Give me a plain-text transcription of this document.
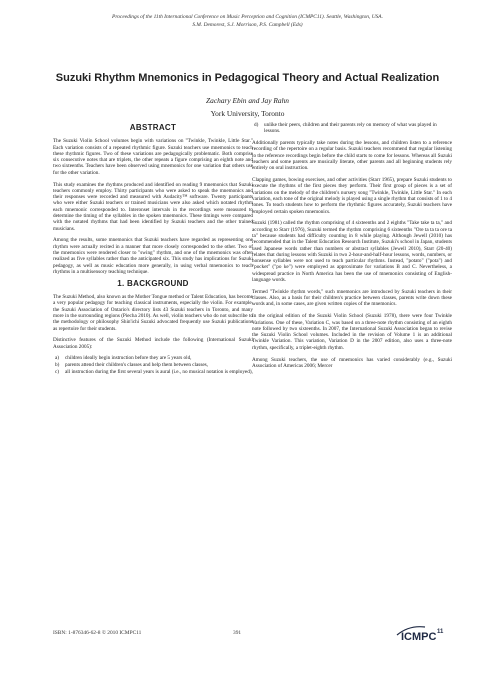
Proceedings of the 11th International Conference on Music Perception and Cognition (ICMPC11). Seattle, Washington, USA.
S.M. Demorest, S.J. Morrison, P.S. Campbell (Eds)
Suzuki Rhythm Mnemonics in Pedagogical Theory and Actual Realization
Zachary Ebin and Jay Rahn
York University, Toronto
ABSTRACT

The Suzuki Violin School volumes begin with variations on "Twinkle, Twinkle, Little Star." Each variation consists of a repeated rhythmic figure. Suzuki teachers use mnemonics to teach these rhythmic figures. Two of these variations are pedagogically problematic. Both comprise six consecutive notes that are triplets, the other repeats a figure comprising an eighth note and two sixteenths. Teachers have been observed using mnemonics for one variation that others use for the other variation.

This study examines the rhythms produced and identified on reading 9 mnemonics that Suzuki teachers commonly employ. Thirty participants who were asked to speak the mnemonics and their responses were recorded and measured with Audacity™ software. Twenty participants who were either Suzuki teachers or trained musicians were also asked which notated rhythm each mnemonic corresponded to. Interonset intervals in the recordings were measured to determine the timing of the syllables in the spoken mnemonics. These timings were compared with the notated rhythms that had been identified by Suzuki teachers and the other trained musicians.

Among the results, some mnemonics that Suzuki teachers have regarded as representing one rhythm were actually recited in a manner that more closely corresponded to the other. Two of the mnemonics were rendered closer to "swing" rhythm, and one of the mnemonics was often realized as five syllables rather than the anticipated six. This study has implications for Suzuki pedagogy, as well as music education more generally, in using verbal mnemonics to teach rhythms in a multisensory teaching technique.

1. BACKGROUND

The Suzuki Method, also known as the Mother Tongue method or Talent Education, has become a very popular pedagogy for teaching classical instruments, especially the violin. For example, the Suzuki Association of Ontario's directory lists 43 Suzuki teachers in Toronto, and many more in the surrounding regions (Piecha 2010). As well, violin teachers who do not subscribe to the methodology or philosophy Shin'ichi Suzuki advocated frequently use Suzuki publications as repertoire for their students.

Distinctive features of the Suzuki Method include the following (International Suzuki Association 2005):

a) children ideally begin instruction before they are 5 years old,
b) parents attend their children's classes and help them between classes,
c) all instruction during the first several years is aural (i.e., no musical notation is employed),
d) unlike their peers, children and their parents rely on memory of what was played in lessons.

Additionally parents typically take notes during the lessons, and children listen to a reference recording of the repertoire on a regular basis. Suzuki teachers recommend that regular listening to the reference recordings begin before the child starts to come for lessons. Whereas all Suzuki teachers and some parents are musically literate, other parents and all beginning students rely entirely on oral instruction.

Clapping games, bowing exercises, and other activities (Starr 1965), prepare Suzuki students to execute the rhythms of the first pieces they perform. Their first group of pieces is a set of variations on the melody of the children's nursery song "Twinkle, Twinkle, Little Star." In each variation, each tone of the original melody is played using a single rhythm that consists of 1 to 4 tones. To teach students how to perform the rhythmic figures accurately, Suzuki teachers have employed certain spoken mnemonics.

Suzuki (1981) called the rhythm comprising of 4 sixteenths and 2 eighths "Take take ta ta," and according to Starr (1976), Suzuki termed the rhythm comprising 6 sixteenths "Ore ta ta ta ore ta ta" because students had difficulty counting in 8 while playing. Although Jewell (2010) has recommended that in the Talent Education Research Institute, Suzuki's school in Japan, students used Japanese words rather than numbers or abstract syllables (Jewell 2010), Starr (20-40) relates that during lessons with Suzuki in two 2-hour-and-half-hour lessons, words, numbers, or nonsense syllables were not used to teach particular rhythms. Instead, "potato" ("pota") and "pocket" ("po ke") were employed as approximate for variations B and C. Nevertheless, a widespread practice in North America has been the use of mnemonics consisting of English-language words.

Termed "Twinkle rhythm words," such mnemonics are introduced by Suzuki teachers in their classes. Also, as a basis for their children's practice between classes, parents write down these words and, in some cases, are given written copies of the mnemonics.

In the original edition of the Suzuki Violin School (Suzuki 1978), there were four Twinkle Variations. One of these, Variation C, was based on a three-note rhythm consisting of an eighth note followed by two sixteenths. In 2007, the International Suzuki Association began to revise the Suzuki Violin School volumes. Included in the revision of Volume 1 is an additional Twinkle Variation. This variation, Variation D in the 2007 edition, also uses a three-note rhythm, specifically, a triplet-eighth rhythm.

Among Suzuki teachers, the use of mnemonics has varied considerably (e.g., Suzuki Association of Americas 2006; Mercer

ISBN: 1-876346-62-8 © 2010 ICMPC11	391	ICMPC 11
